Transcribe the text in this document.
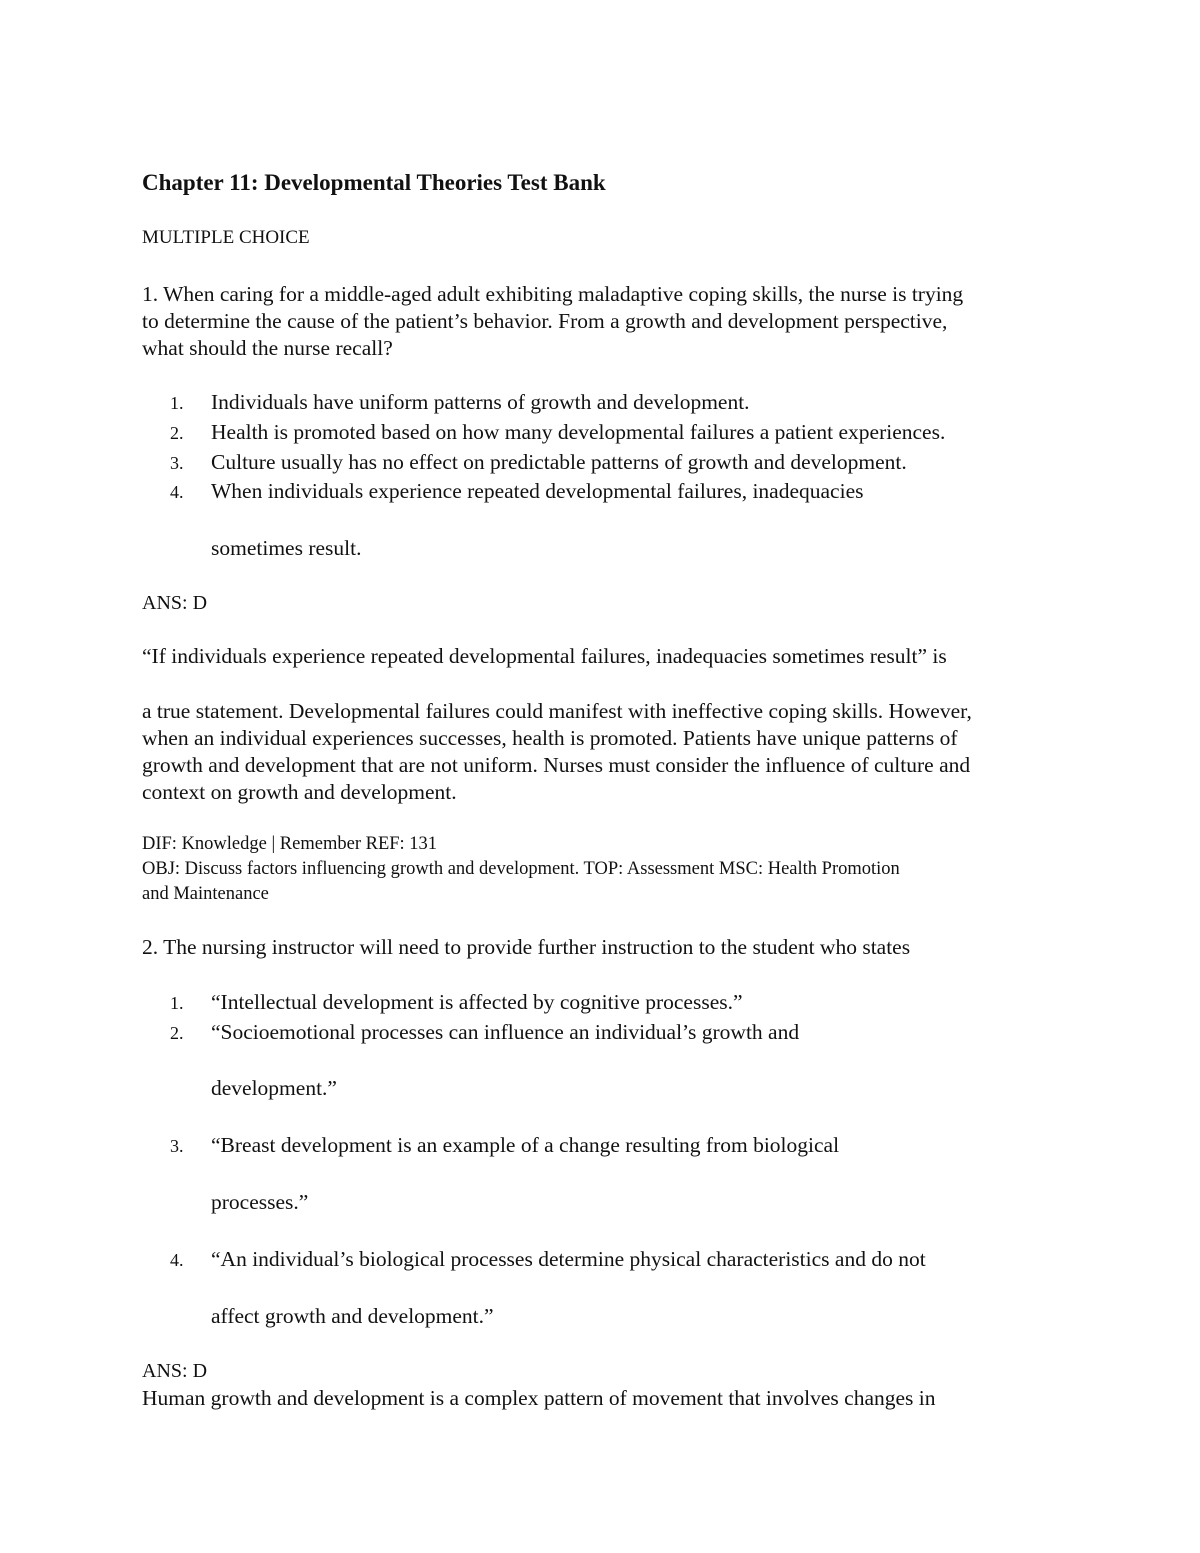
Chapter 11: Developmental Theories Test Bank
MULTIPLE CHOICE
1. When caring for a middle-aged adult exhibiting maladaptive coping skills, the nurse is trying
to determine the cause of the patient’s behavior. From a growth and development perspective,
what should the nurse recall?
1. Individuals have uniform patterns of growth and development.
2. Health is promoted based on how many developmental failures a patient experiences.
3. Culture usually has no effect on predictable patterns of growth and development.
4. When individuals experience repeated developmental failures, inadequacies
sometimes result.
ANS: D
“If individuals experience repeated developmental failures, inadequacies sometimes result” is
a true statement. Developmental failures could manifest with ineffective coping skills. However,
when an individual experiences successes, health is promoted. Patients have unique patterns of
growth and development that are not uniform. Nurses must consider the influence of culture and
context on growth and development.
DIF: Knowledge | Remember REF: 131
OBJ: Discuss factors influencing growth and development. TOP: Assessment MSC: Health Promotion
and Maintenance
2. The nursing instructor will need to provide further instruction to the student who states
1. “Intellectual development is affected by cognitive processes.”
2. “Socioemotional processes can influence an individual’s growth and
development.”
3. “Breast development is an example of a change resulting from biological
processes.”
4. “An individual’s biological processes determine physical characteristics and do not
affect growth and development.”
ANS: D
Human growth and development is a complex pattern of movement that involves changes in
